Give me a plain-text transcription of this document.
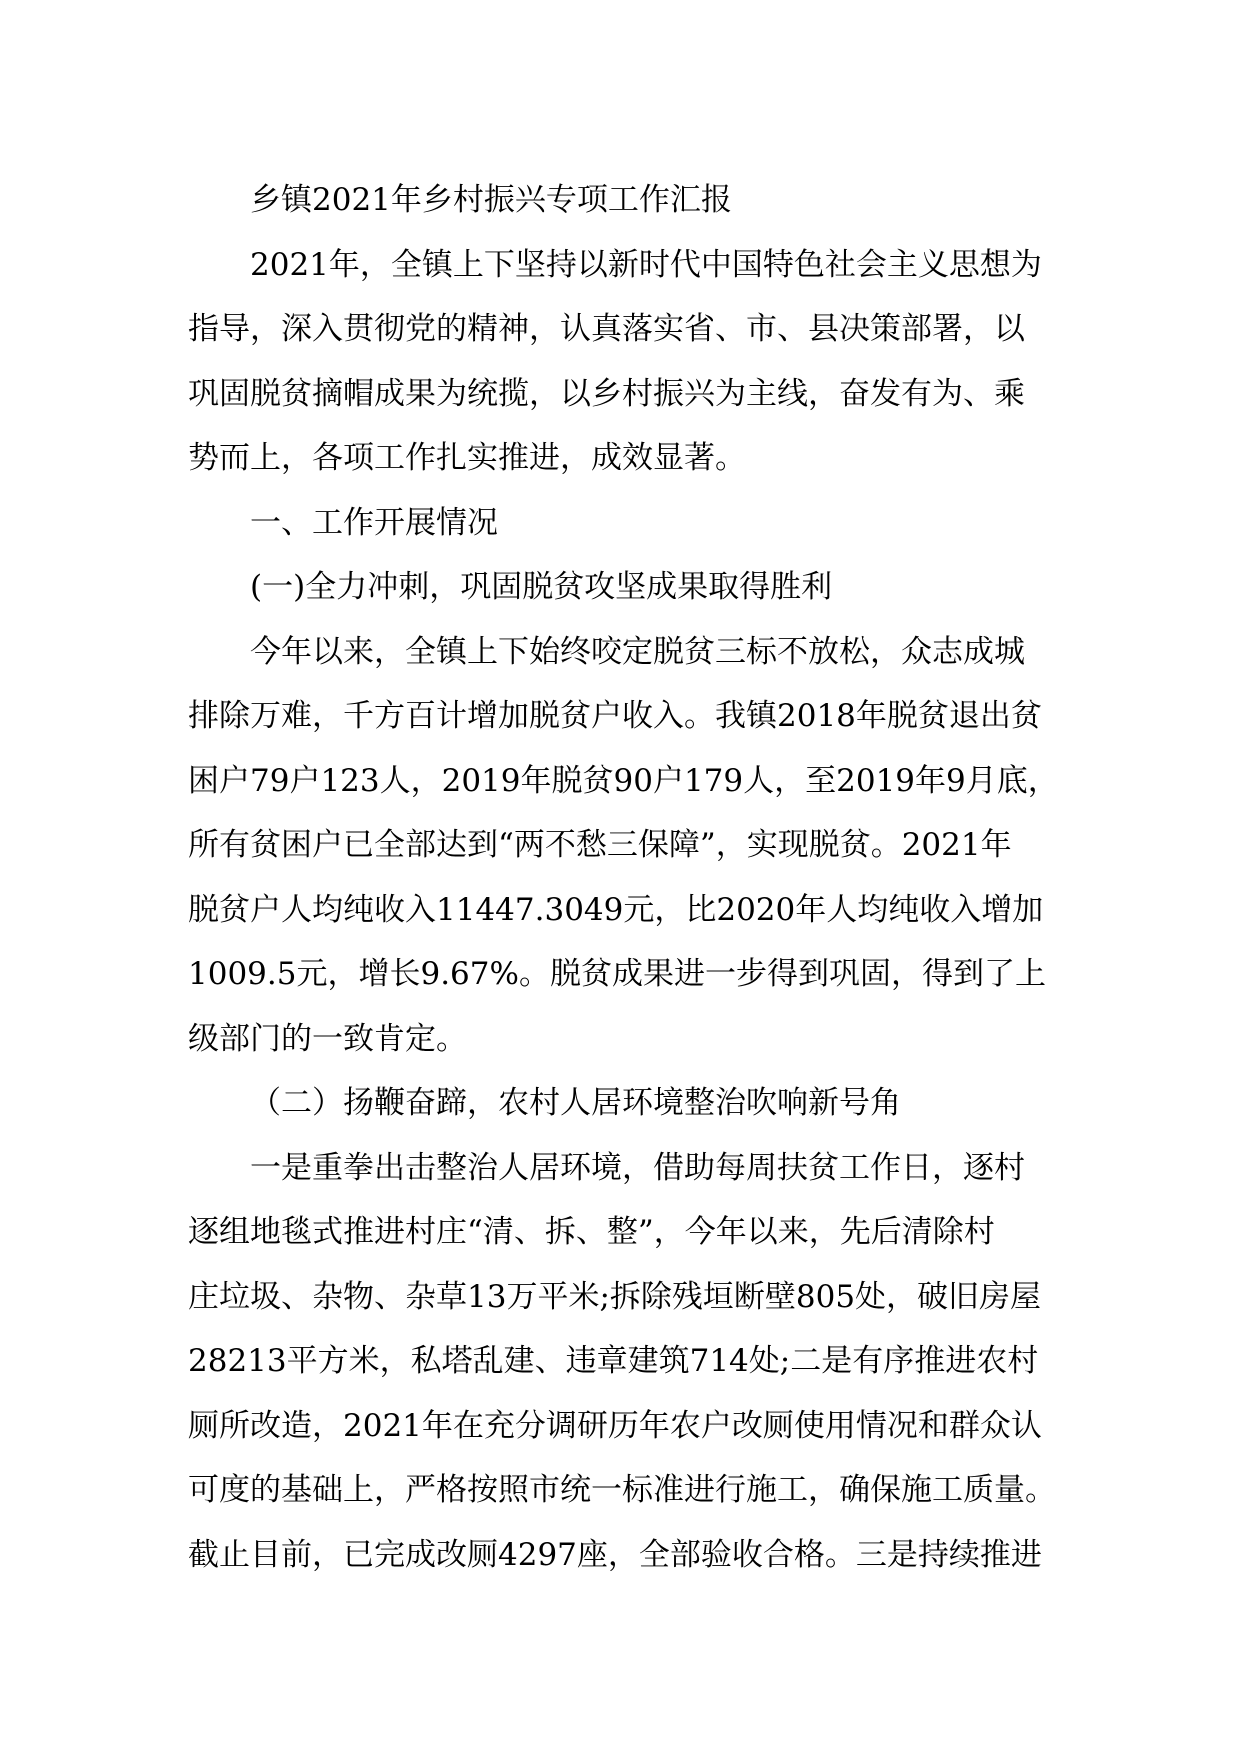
乡镇2021年乡村振兴专项工作汇报
2021年，全镇上下坚持以新时代中国特色社会主义思想为
指导，深入贯彻党的精神，认真落实省、市、县决策部署，以
巩固脱贫摘帽成果为统揽，以乡村振兴为主线，奋发有为、乘
势而上，各项工作扎实推进，成效显著。
一、工作开展情况
(一)全力冲刺，巩固脱贫攻坚成果取得胜利
今年以来，全镇上下始终咬定脱贫三标不放松，众志成城
排除万难，千方百计增加脱贫户收入。我镇2018年脱贫退出贫
困户79户123人，2019年脱贫90户179人，至2019年9月底，
所有贫困户已全部达到“两不愁三保障”，实现脱贫。2021年
脱贫户人均纯收入11447.3049元，比2020年人均纯收入增加
1009.5元，增长9.67%。脱贫成果进一步得到巩固，得到了上
级部门的一致肯定。
（二）扬鞭奋蹄，农村人居环境整治吹响新号角
一是重拳出击整治人居环境，借助每周扶贫工作日，逐村
逐组地毯式推进村庄“清、拆、整”，今年以来，先后清除村
庄垃圾、杂物、杂草13万平米;拆除残垣断壁805处，破旧房屋
28213平方米，私塔乱建、违章建筑714处;二是有序推进农村
厕所改造，2021年在充分调研历年农户改厕使用情况和群众认
可度的基础上，严格按照市统一标准进行施工，确保施工质量。
截止目前，已完成改厕4297座，全部验收合格。三是持续推进
